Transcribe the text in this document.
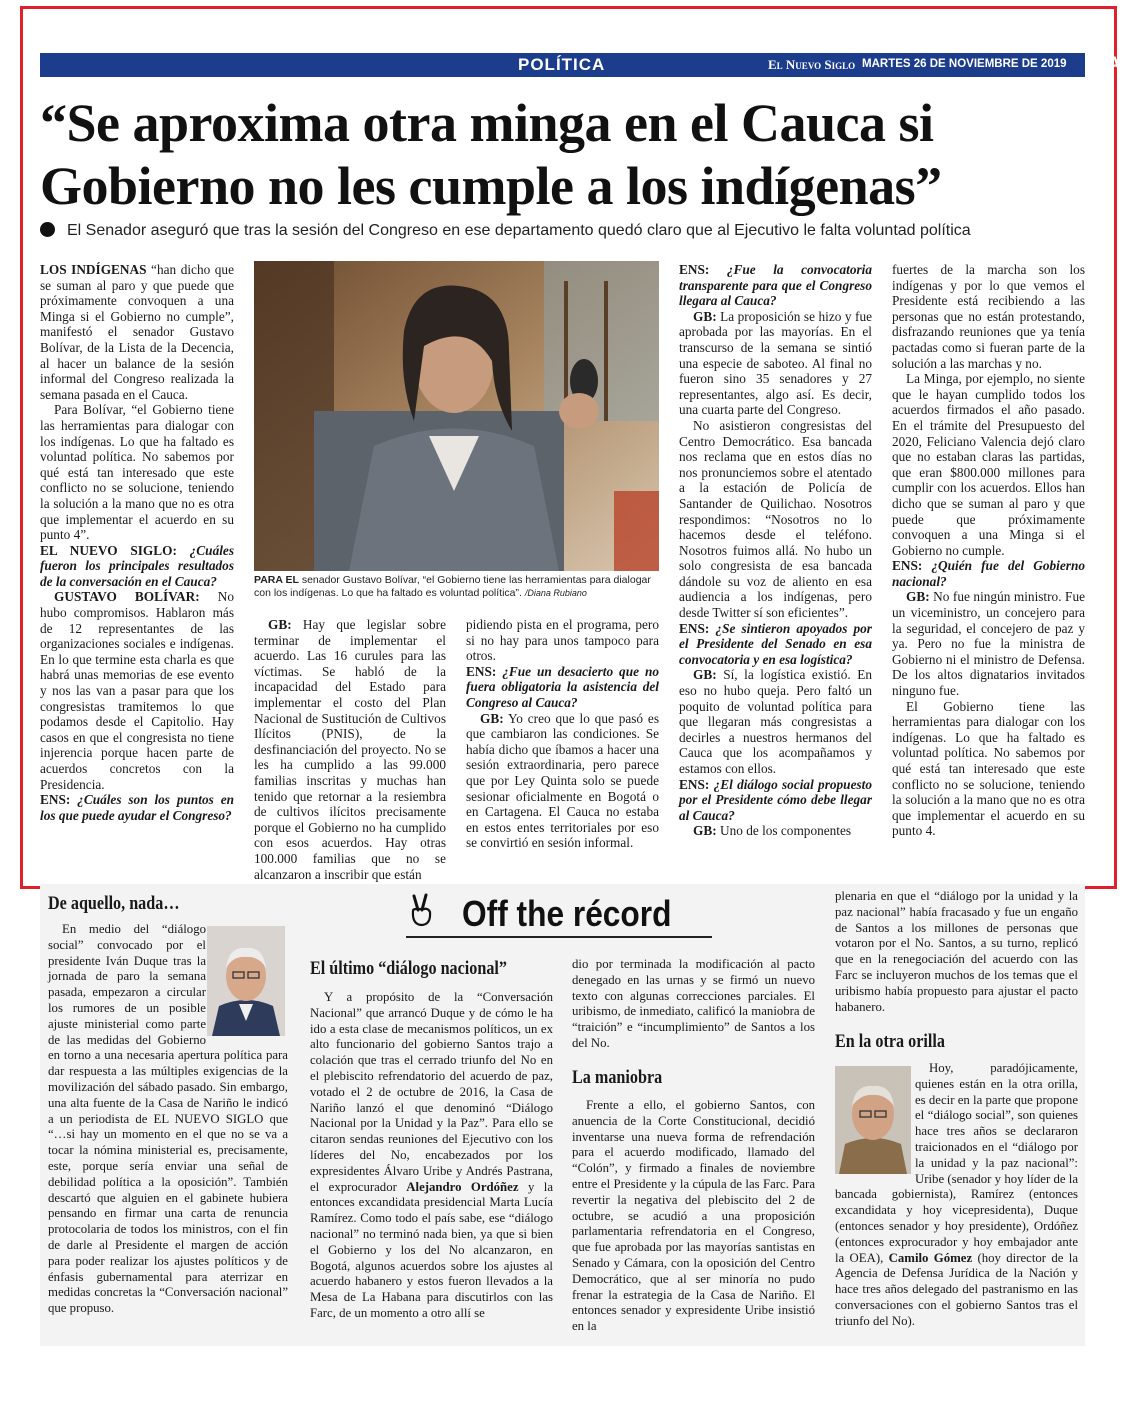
POLÍTICA	El Nuevo Siglo MARTES 26 DE NOVIEMBRE DE 2019 13A
“Se aproxima otra minga en el Cauca si Gobierno no les cumple a los indígenas”
El Senador aseguró que tras la sesión del Congreso en ese departamento quedó claro que al Ejecutivo le falta voluntad política

LOS INDÍGENAS “han dicho que se suman al paro y que puede que próximamente convoquen a una Minga si el Gobierno no cumple”, manifestó el senador Gustavo Bolívar, de la Lista de la Decencia, al hacer un balance de la sesión informal del Congreso realizada la semana pasada en el Cauca.

Para Bolívar, “el Gobierno tiene las herramientas para dialogar con los indígenas. Lo que ha faltado es voluntad política. No sabemos por qué está tan interesado que este conflicto no se solucione, teniendo la solución a la mano que no es otra que implementar el acuerdo en su punto 4”.

EL NUEVO SIGLO: ¿Cuáles fueron los principales resultados de la conversación en el Cauca?

GUSTAVO BOLÍVAR: No hubo compromisos. Hablaron más de 12 representantes de las organizaciones sociales e indígenas. En lo que termine esta charla es que habrá unas memorias de ese evento y nos las van a pasar para que los congresistas tramitemos lo que podamos desde el Capitolio. Hay casos en que el congresista no tiene injerencia porque hacen parte de acuerdos concretos con la Presidencia.

ENS: ¿Cuáles son los puntos en los que puede ayudar el Congreso?

PARA EL senador Gustavo Bolívar, “el Gobierno tiene las herramientas para dialogar con los indígenas. Lo que ha faltado es voluntad política”. /Diana Rubiano

GB: Hay que legislar sobre terminar de implementar el acuerdo. Las 16 curules para las víctimas. Se habló de la incapacidad del Estado para implementar el costo del Plan Nacional de Sustitución de Cultivos Ilícitos (PNIS), de la desfinanciación del proyecto. No se les ha cumplido a las 99.000 familias inscritas y muchas han tenido que retornar a la resiembra de cultivos ilícitos precisamente porque el Gobierno no ha cumplido con esos acuerdos. Hay otras 100.000 familias que no se alcanzaron a inscribir que están

pidiendo pista en el programa, pero si no hay para unos tampoco para otros.

ENS: ¿Fue un desacierto que no fuera obligatoria la asistencia del Congreso al Cauca?

GB: Yo creo que lo que pasó es que cambiaron las condiciones. Se había dicho que íbamos a hacer una sesión extraordinaria, pero parece que por Ley Quinta solo se puede sesionar oficialmente en Bogotá o en Cartagena. El Cauca no estaba en estos entes territoriales por eso se convirtió en sesión informal.

ENS: ¿Fue la convocatoria transparente para que el Congreso llegara al Cauca?

GB: La proposición se hizo y fue aprobada por las mayorías. En el transcurso de la semana se sintió una especie de saboteo. Al final no fueron sino 35 senadores y 27 representantes, algo así. Es decir, una cuarta parte del Congreso.

No asistieron congresistas del Centro Democrático. Esa bancada nos reclama que en estos días no nos pronunciemos sobre el atentado a la estación de Policía de Santander de Quilichao. Nosotros respondimos: “Nosotros no lo hacemos desde el teléfono. Nosotros fuimos allá. No hubo un solo congresista de esa bancada dándole su voz de aliento en esa audiencia a los indígenas, pero desde Twitter sí son eficientes”.

ENS: ¿Se sintieron apoyados por el Presidente del Senado en esa convocatoria y en esa logística?

GB: Sí, la logística existió. En eso no hubo queja. Pero faltó un poquito de voluntad política para que llegaran más congresistas a decirles a nuestros hermanos del Cauca que los acompañamos y estamos con ellos.

ENS: ¿El diálogo social propuesto por el Presidente cómo debe llegar al Cauca?

GB: Uno de los componentes

fuertes de la marcha son los indígenas y por lo que vemos el Presidente está recibiendo a las personas que no están protestando, disfrazando reuniones que ya tenía pactadas como si fueran parte de la solución a las marchas y no.

La Minga, por ejemplo, no siente que le hayan cumplido todos los acuerdos firmados el año pasado. En el trámite del Presupuesto del 2020, Feliciano Valencia dejó claro que no estaban claras las partidas, que eran $800.000 millones para cumplir con los acuerdos. Ellos han dicho que se suman al paro y que puede que próximamente convoquen a una Minga si el Gobierno no cumple.

ENS: ¿Quién fue del Gobierno nacional?

GB: No fue ningún ministro. Fue un viceministro, un concejero para la seguridad, el concejero de paz y ya. Pero no fue la ministra de Gobierno ni el ministro de Defensa. De los altos dignatarios invitados ninguno fue.

El Gobierno tiene las herramientas para dialogar con los indígenas. Lo que ha faltado es voluntad política. No sabemos por qué está tan interesado que este conflicto no se solucione, teniendo la solución a la mano que no es otra que implementar el acuerdo en su punto 4.

Off the récord
De aquello, nada…

En medio del “diálogo social” convocado por el presidente Iván Duque tras la jornada de paro la semana pasada, empezaron a circular los rumores de un posible ajuste ministerial como parte de las medidas del Gobierno en torno a una necesaria apertura política para dar respuesta a las múltiples exigencias de la movilización del sábado pasado. Sin embargo, una alta fuente de la Casa de Nariño le indicó a un periodista de EL NUEVO SIGLO que “…si hay un momento en el que no se va a tocar la nómina ministerial es, precisamente, este, porque sería enviar una señal de debilidad política a la oposición”. También descartó que alguien en el gabinete hubiera pensando en firmar una carta de renuncia protocolaria de todos los ministros, con el fin de darle al Presidente el margen de acción para poder realizar los ajustes políticos y de énfasis gubernamental para aterrizar en medidas concretas la “Conversación nacional” que propuso.

El último “diálogo nacional”

Y a propósito de la “Conversación Nacional” que arrancó Duque y de cómo le ha ido a esta clase de mecanismos políticos, un ex alto funcionario del gobierno Santos trajo a colación que tras el cerrado triunfo del No en el plebiscito refrendatorio del acuerdo de paz, votado el 2 de octubre de 2016, la Casa de Nariño lanzó el que denominó “Diálogo Nacional por la Unidad y la Paz”. Para ello se citaron sendas reuniones del Ejecutivo con los líderes del No, encabezados por los expresidentes Álvaro Uribe y Andrés Pastrana, el exprocurador Alejandro Ordóñez y la entonces excandidata presidencial Marta Lucía Ramírez. Como todo el país sabe, ese “diálogo nacional” no terminó nada bien, ya que si bien el Gobierno y los del No alcanzaron, en Bogotá, algunos acuerdos sobre los ajustes al acuerdo habanero y estos fueron llevados a la Mesa de La Habana para discutirlos con las Farc, de un momento a otro allí se

dio por terminada la modificación al pacto denegado en las urnas y se firmó un nuevo texto con algunas correcciones parciales. El uribismo, de inmediato, calificó la maniobra de “traición” e “incumplimiento” de Santos a los del No.

La maniobra

Frente a ello, el gobierno Santos, con anuencia de la Corte Constitucional, decidió inventarse una nueva forma de refrendación para el acuerdo modificado, llamado del “Colón”, y firmado a finales de noviembre entre el Presidente y la cúpula de las Farc. Para revertir la negativa del plebiscito del 2 de octubre, se acudió a una proposición parlamentaria refrendatoria en el Congreso, que fue aprobada por las mayorías santistas en Senado y Cámara, con la oposición del Centro Democrático, que al ser minoría no pudo frenar la estrategia de la Casa de Nariño. El entonces senador y expresidente Uribe insistió en la

plenaria en que el “diálogo por la unidad y la paz nacional” había fracasado y fue un engaño de Santos a los millones de personas que votaron por el No. Santos, a su turno, replicó que en la renegociación del acuerdo con las Farc se incluyeron muchos de los temas que el uribismo había propuesto para ajustar el pacto habanero.

En la otra orilla

Hoy, paradójicamente, quienes están en la otra orilla, es decir en la parte que propone el “diálogo social”, son quienes hace tres años se declararon traicionados en el “diálogo por la unidad y la paz nacional”: Uribe (senador y hoy líder de la bancada gobiernista), Ramírez (entonces excandidata y hoy vicepresidenta), Duque (entonces senador y hoy presidente), Ordóñez (entonces exprocurador y hoy embajador ante la OEA), Camilo Gómez (hoy director de la Agencia de Defensa Jurídica de la Nación y hace tres años delegado del pastranismo en las conversaciones con el gobierno Santos tras el triunfo del No).
